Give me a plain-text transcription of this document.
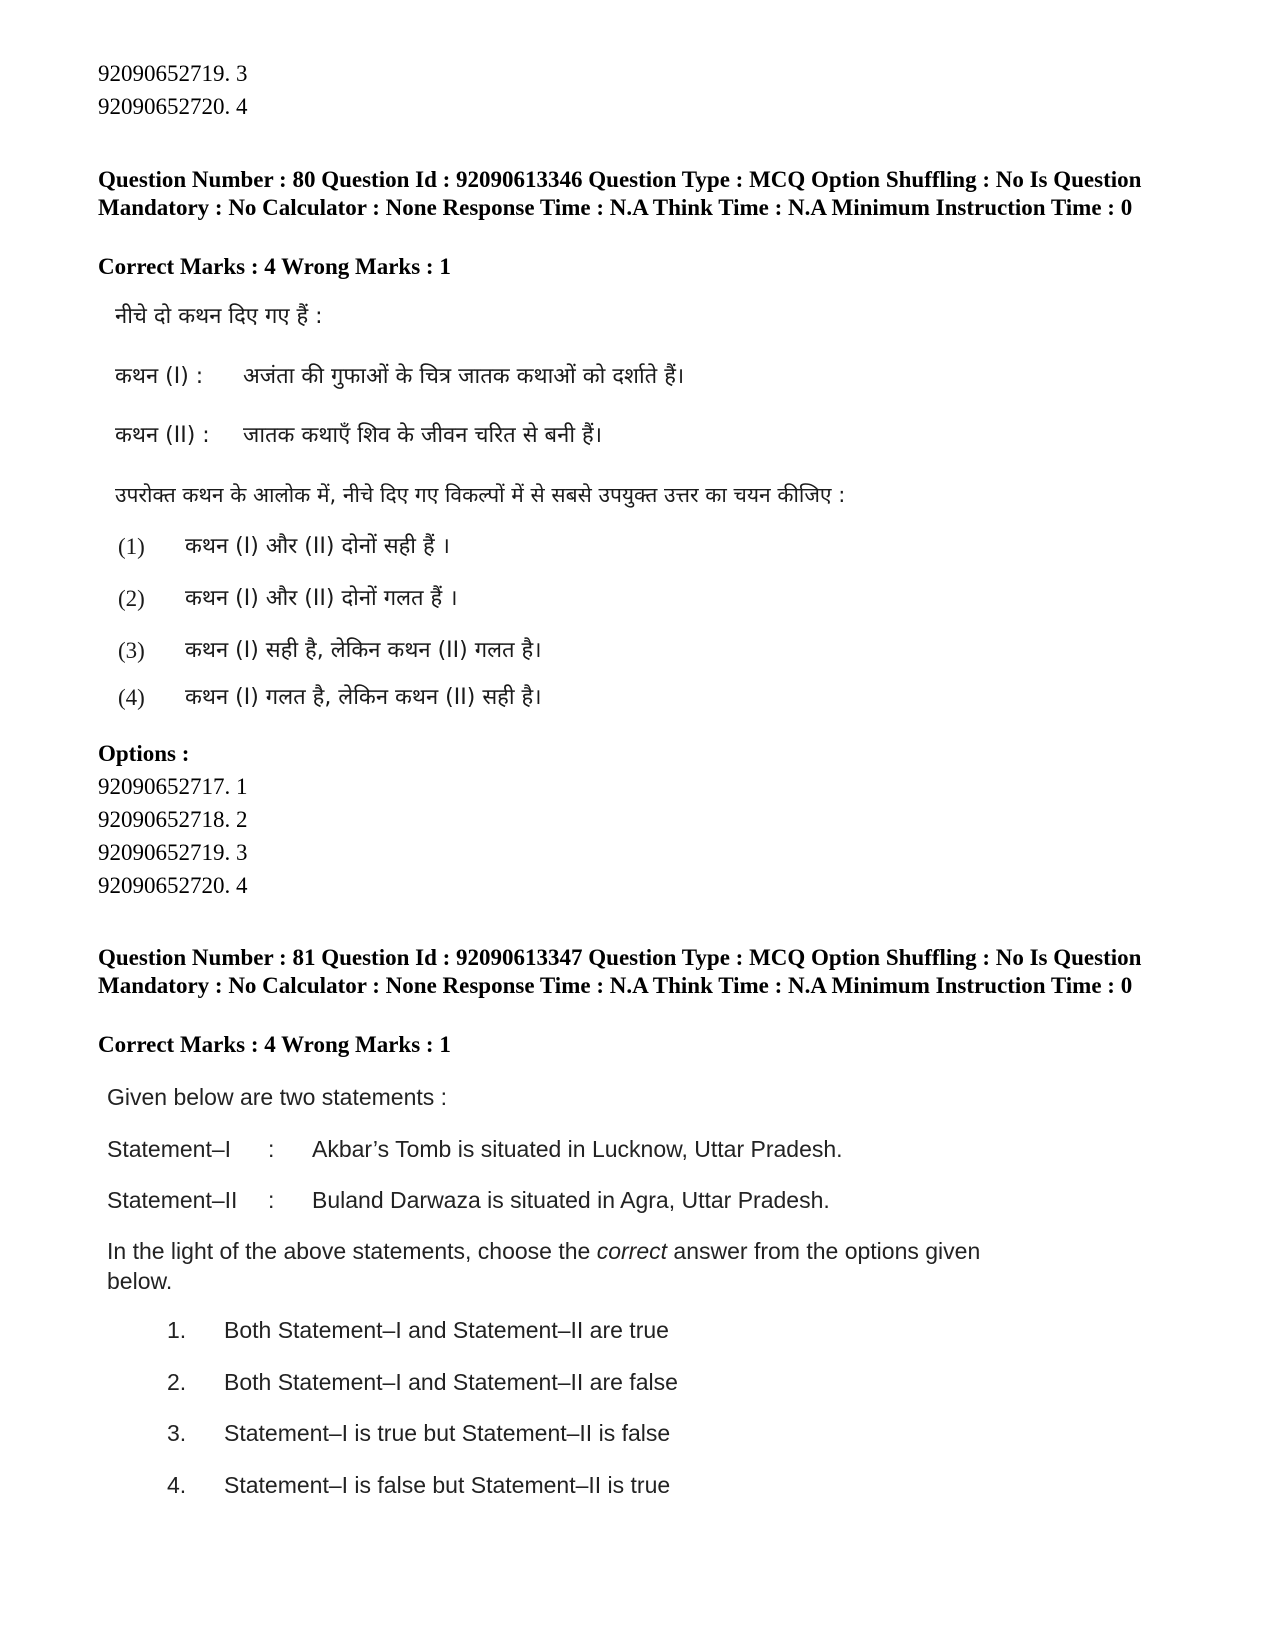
92090652719. 3
92090652720. 4
Question Number : 80 Question Id : 92090613346 Question Type : MCQ Option Shuffling : No Is Question Mandatory : No Calculator : None Response Time : N.A Think Time : N.A Minimum Instruction Time : 0
Correct Marks : 4 Wrong Marks : 1
नीचे दो कथन दिए गए हैं :
कथन (I) : अजंता की गुफाओं के चित्र जातक कथाओं को दर्शाते हैं।
कथन (II) : जातक कथाएँ शिव के जीवन चरित से बनी हैं।
उपरोक्त कथन के आलोक में, नीचे दिए गए विकल्पों में से सबसे उपयुक्त उत्तर का चयन कीजिए :
(1) कथन (I) और (II) दोनों सही हैं ।
(2) कथन (I) और (II) दोनों गलत हैं ।
(3) कथन (I) सही है, लेकिन कथन (II) गलत है।
(4) कथन (I) गलत है, लेकिन कथन (II) सही है।
Options :
92090652717. 1
92090652718. 2
92090652719. 3
92090652720. 4
Question Number : 81 Question Id : 92090613347 Question Type : MCQ Option Shuffling : No Is Question Mandatory : No Calculator : None Response Time : N.A Think Time : N.A Minimum Instruction Time : 0
Correct Marks : 4 Wrong Marks : 1
Given below are two statements :
Statement–I : Akbar’s Tomb is situated in Lucknow, Uttar Pradesh.
Statement–II : Buland Darwaza is situated in Agra, Uttar Pradesh.
In the light of the above statements, choose the correct answer from the options given below.
1. Both Statement–I and Statement–II are true
2. Both Statement–I and Statement–II are false
3. Statement–I is true but Statement–II is false
4. Statement–I is false but Statement–II is true
